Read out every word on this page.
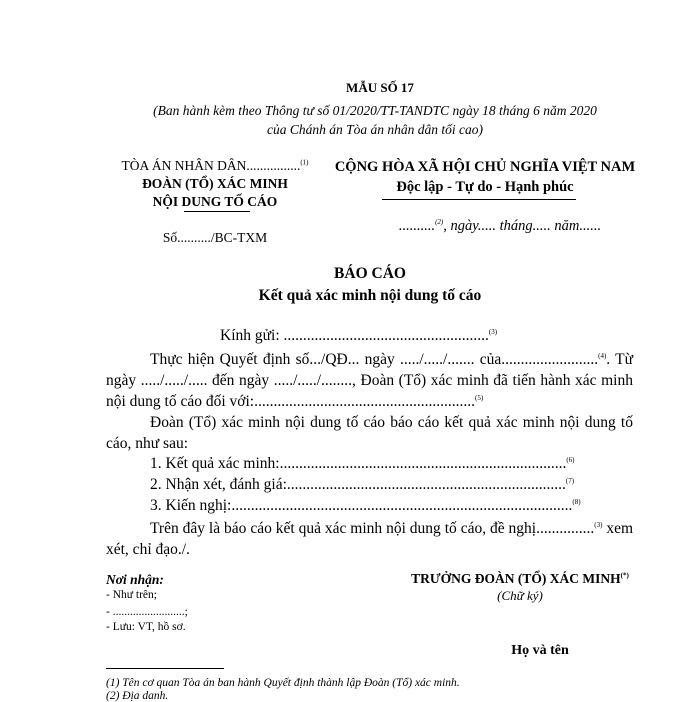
MẪU SỐ 17
(Ban hành kèm theo Thông tư số 01/2020/TT-TANDTC ngày 18 tháng 6 năm 2020
của Chánh án Tòa án nhân dân tối cao)
TÒA ÁN NHÂN DÂN................$^{(1)}$
ĐOÀN (TỔ) XÁC MINH
NỘI DUNG TỐ CÁO
Số........../BC-TXM
CỘNG HÒA XÃ HỘI CHỦ NGHĨA VIỆT NAM
Độc lập - Tự do - Hạnh phúc
..........$^{(2)}$, ngày..... tháng..... năm......
BÁO CÁO
Kết quả xác minh nội dung tố cáo
Kính gửi: .....................................................$^{(3)}$
Thực hiện Quyết định số.../QĐ... ngày ...../...../....... của.........................$^{(4)}$. Từ ngày ...../...../..... đến ngày ...../...../........, Đoàn (Tổ) xác minh đã tiến hành xác minh nội dung tố cáo đối với:.........................................................$^{(5)}$
Đoàn (Tổ) xác minh nội dung tố cáo báo cáo kết quả xác minh nội dung tố cáo, như sau:
1. Kết quả xác minh:..........................................................................$^{(6)}$
2. Nhận xét, đánh giá:........................................................................$^{(7)}$
3. Kiến nghị:........................................................................................$^{(8)}$
Trên đây là báo cáo kết quả xác minh nội dung tố cáo, đề nghị...............$^{(3)}$ xem xét, chỉ đạo./.
Nơi nhận:
- Như trên;
- .........................;
- Lưu: VT, hồ sơ.
TRƯỞNG ĐOÀN (TỔ) XÁC MINH(*)
(Chữ ký)
Họ và tên
(1) Tên cơ quan Tòa án ban hành Quyết định thành lập Đoàn (Tổ) xác minh.
(2) Địa danh.
